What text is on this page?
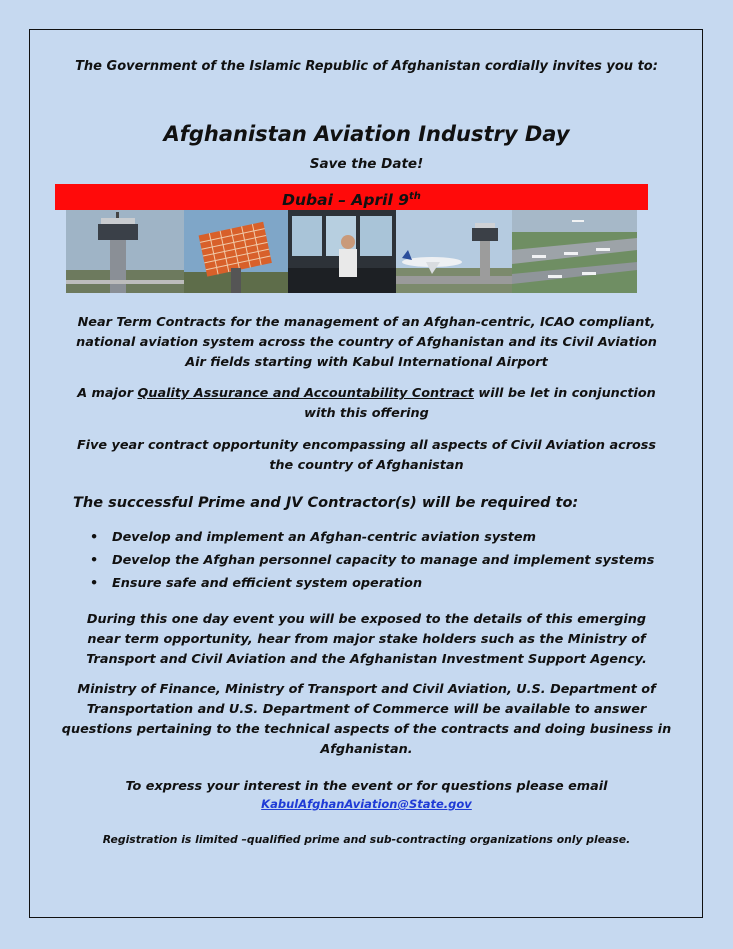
The Government of the Islamic Republic of Afghanistan cordially invites you to:
Afghanistan Aviation Industry Day
Save the Date!
Dubai – April 9th
Near Term Contracts for the management of an Afghan-centric, ICAO compliant, national aviation system across the country of Afghanistan and its Civil Aviation Air fields starting with Kabul International Airport
A major Quality Assurance and Accountability Contract will be let in conjunction with this offering
Five year contract opportunity encompassing all aspects of Civil Aviation across the country of Afghanistan
The successful Prime and JV Contractor(s) will be required to:
• Develop and implement an Afghan-centric aviation system
• Develop the Afghan personnel capacity to manage and implement systems
• Ensure safe and efficient system operation
During this one day event you will be exposed to the details of this emerging near term opportunity, hear from major stake holders such as the Ministry of Transport and Civil Aviation and the Afghanistan Investment Support Agency.
Ministry of Finance, Ministry of Transport and Civil Aviation, U.S. Department of Transportation and U.S. Department of Commerce will be available to answer questions pertaining to the technical aspects of the contracts and doing business in Afghanistan.
To express your interest in the event or for questions please email
KabulAfghanAviation@State.gov
Registration is limited –qualified prime and sub-contracting organizations only please.
